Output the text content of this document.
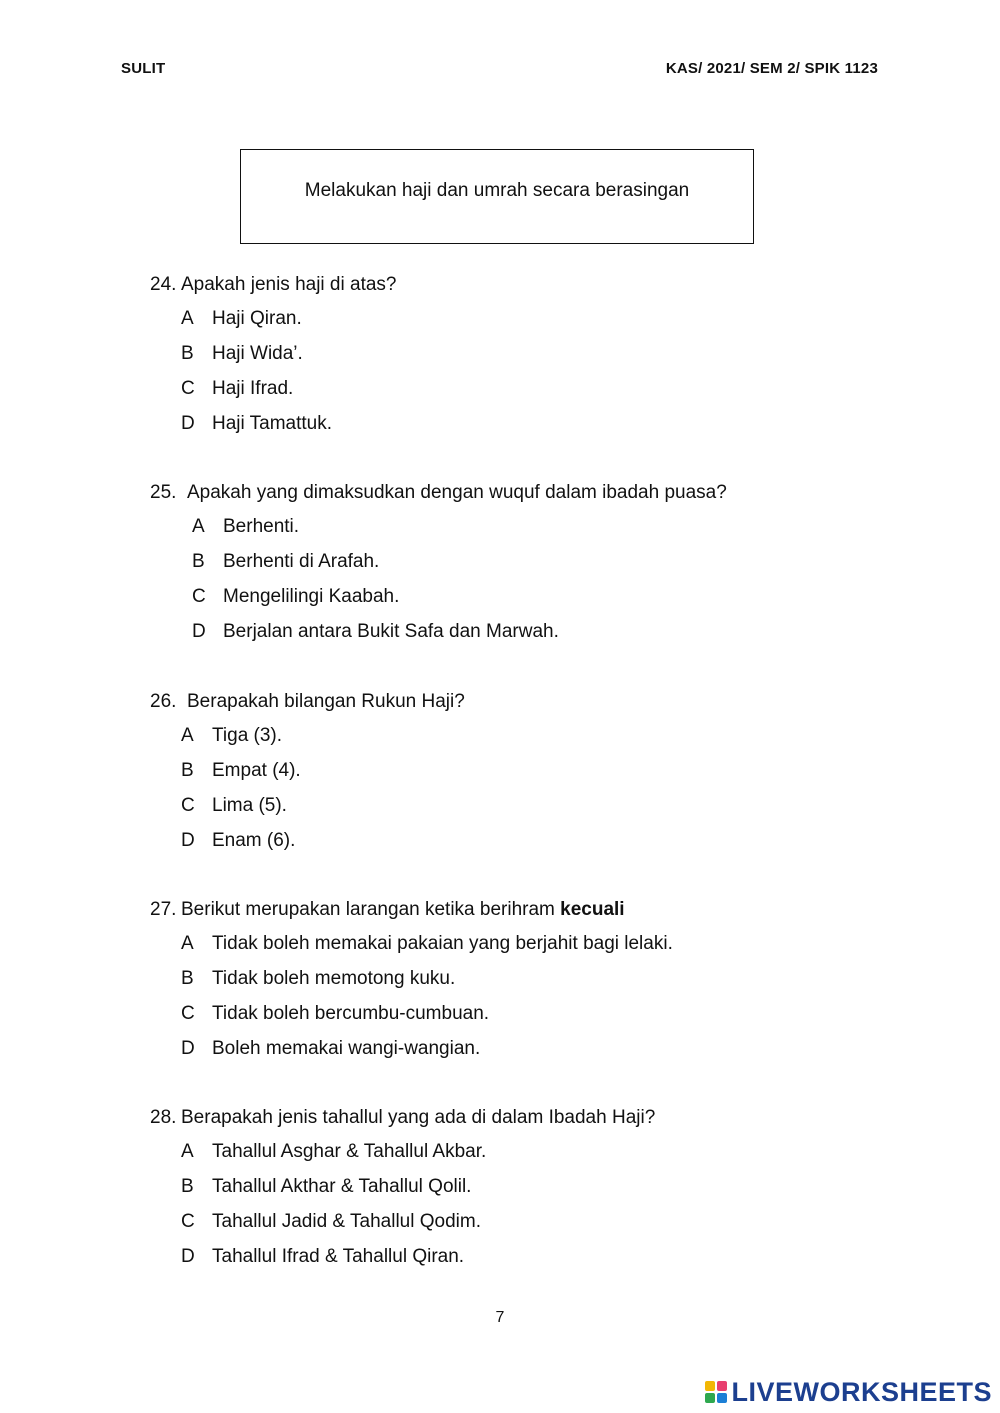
SULIT	KAS/ 2021/ SEM 2/ SPIK 1123
Melakukan haji dan umrah secara berasingan
24. Apakah jenis haji di atas?
A Haji Qiran.
B Haji Wida’.
C Haji Ifrad.
D Haji Tamattuk.
25. Apakah yang dimaksudkan dengan wuquf dalam ibadah puasa?
A Berhenti.
B Berhenti di Arafah.
C Mengelilingi Kaabah.
D Berjalan antara Bukit Safa dan Marwah.
26. Berapakah bilangan Rukun Haji?
A Tiga (3).
B Empat (4).
C Lima (5).
D Enam (6).
27. Berikut merupakan larangan ketika berihram kecuali
A Tidak boleh memakai pakaian yang berjahit bagi lelaki.
B Tidak boleh memotong kuku.
C Tidak boleh bercumbu-cumbuan.
D Boleh memakai wangi-wangian.
28. Berapakah jenis tahallul yang ada di dalam Ibadah Haji?
A Tahallul Asghar & Tahallul Akbar.
B Tahallul Akthar & Tahallul Qolil.
C Tahallul Jadid & Tahallul Qodim.
D Tahallul Ifrad & Tahallul Qiran.
7
LIVEWORKSHEETS
